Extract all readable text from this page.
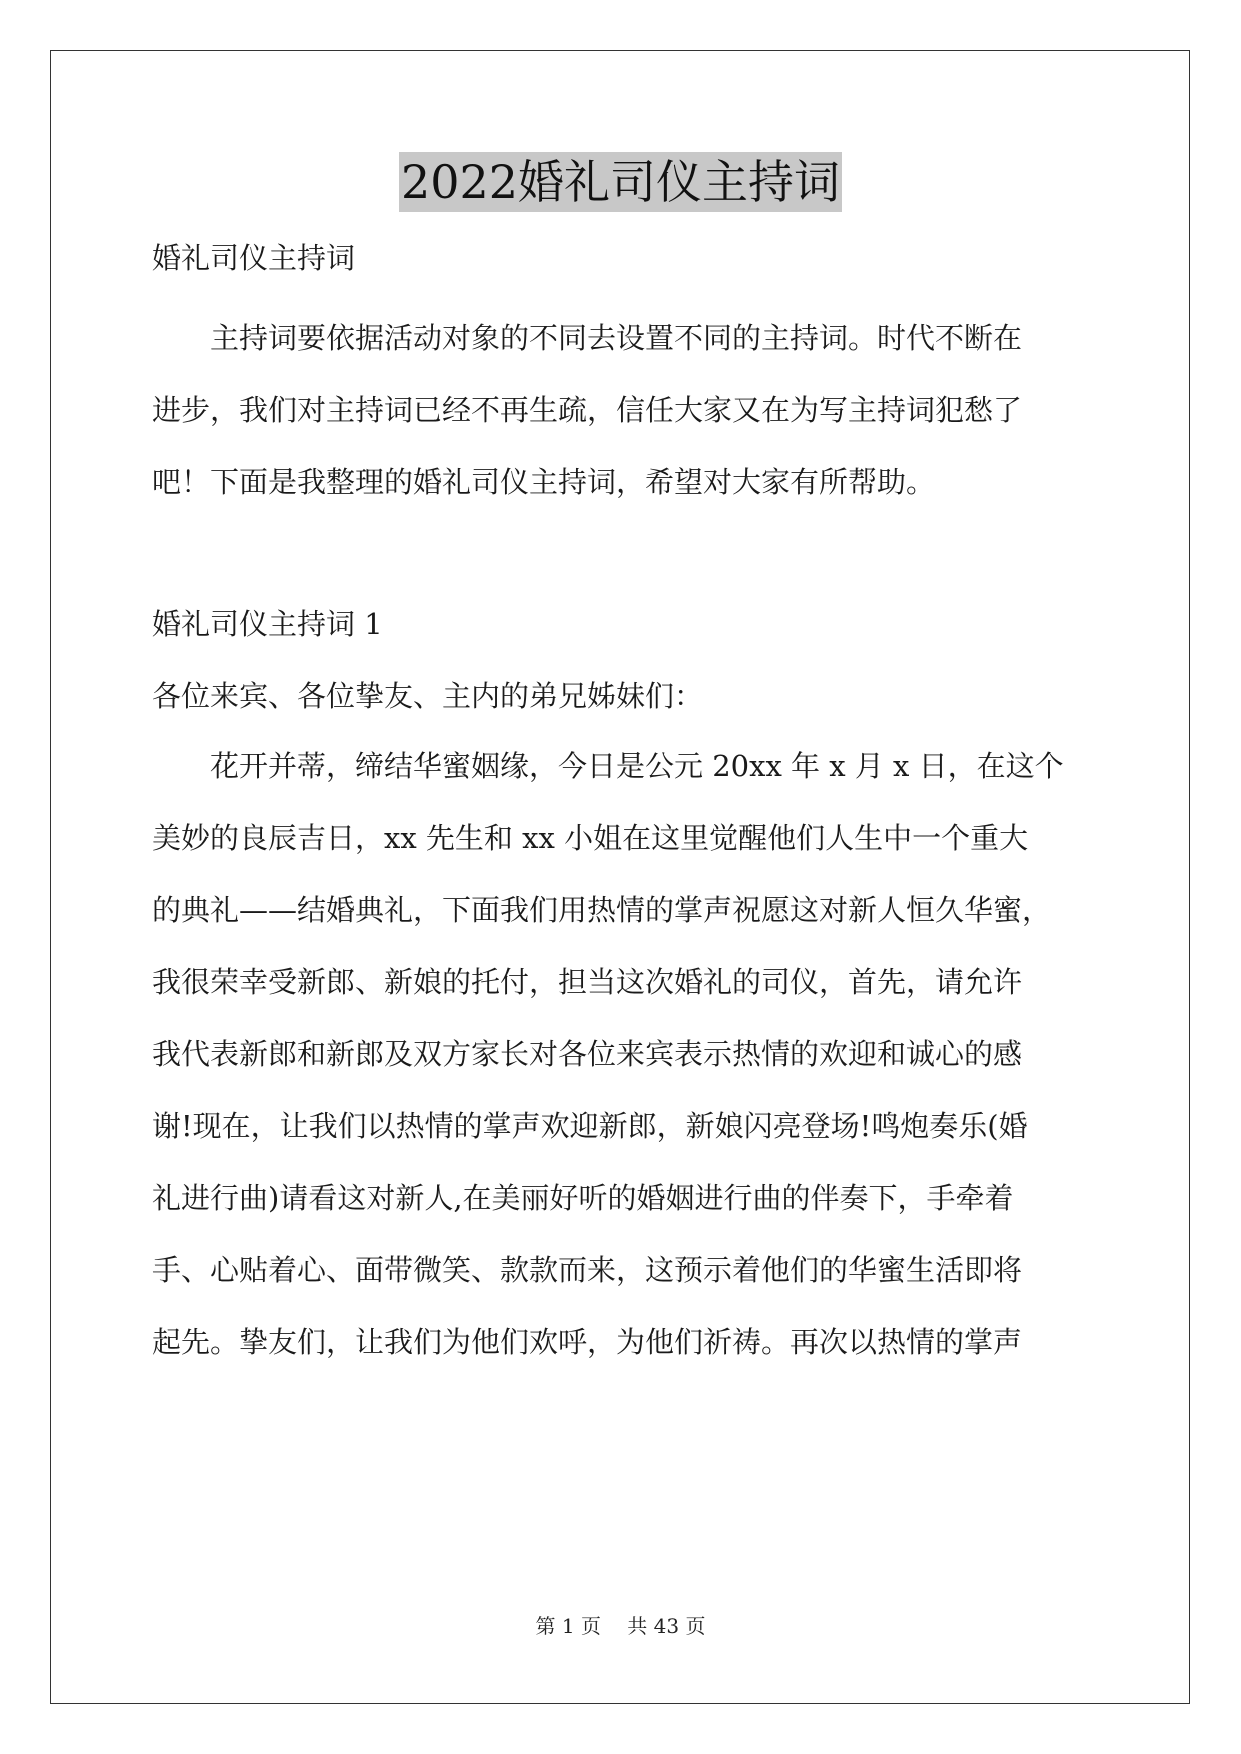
2022婚礼司仪主持词
婚礼司仪主持词
　　主持词要依据活动对象的不同去设置不同的主持词。时代不断在
进步，我们对主持词已经不再生疏，信任大家又在为写主持词犯愁了
吧！下面是我整理的婚礼司仪主持词，希望对大家有所帮助。
婚礼司仪主持词 1
各位来宾、各位挚友、主内的弟兄姊妹们：
　　花开并蒂，缔结华蜜姻缘，今日是公元 20xx 年 x 月 x 日，在这个
美妙的良辰吉日，xx 先生和 xx 小姐在这里觉醒他们人生中一个重大
的典礼——结婚典礼，下面我们用热情的掌声祝愿这对新人恒久华蜜，
我很荣幸受新郎、新娘的托付，担当这次婚礼的司仪，首先，请允许
我代表新郎和新郎及双方家长对各位来宾表示热情的欢迎和诚心的感
谢!现在，让我们以热情的掌声欢迎新郎，新娘闪亮登场!鸣炮奏乐(婚
礼进行曲)请看这对新人,在美丽好听的婚姻进行曲的伴奏下，手牵着
手、心贴着心、面带微笑、款款而来，这预示着他们的华蜜生活即将
起先。挚友们，让我们为他们欢呼，为他们祈祷。再次以热情的掌声
第 1 页　 共 43 页
